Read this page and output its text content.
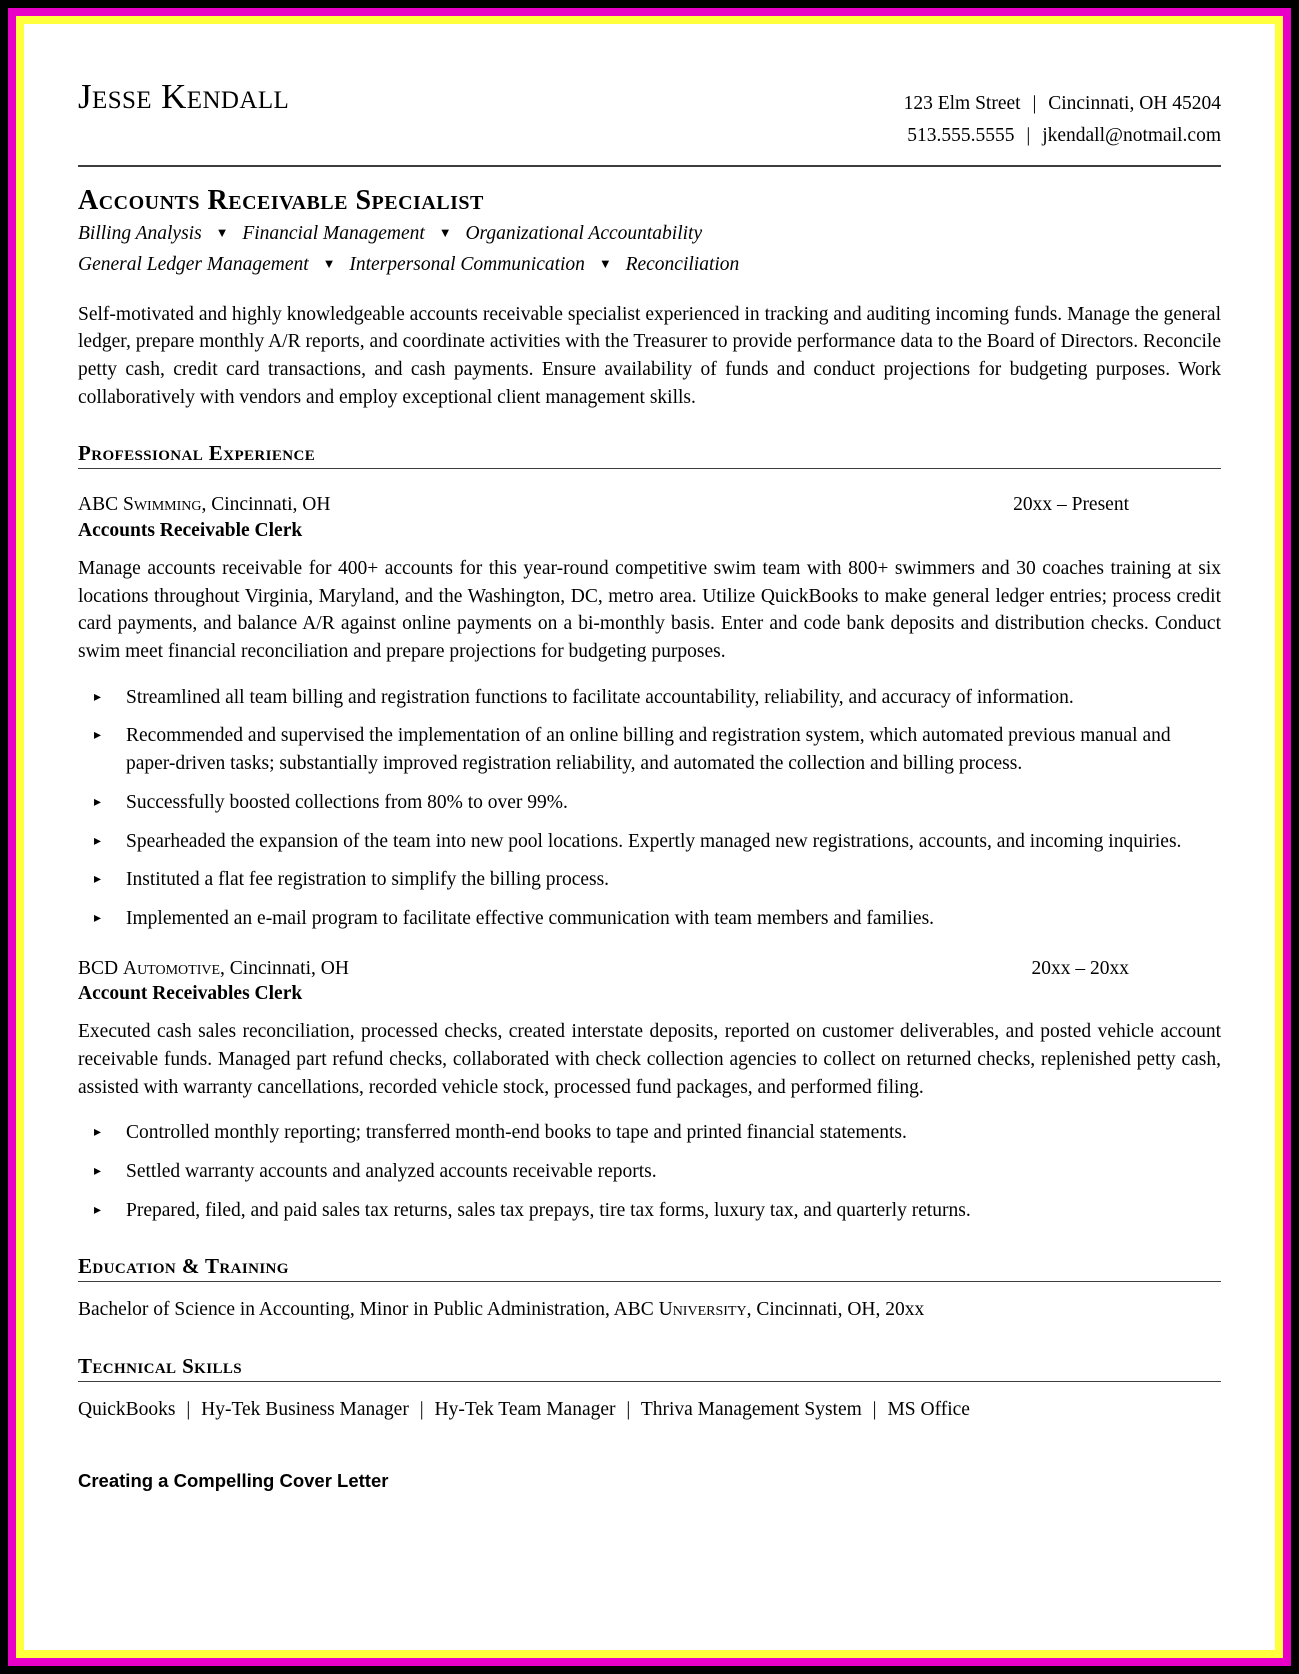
Jesse Kendall	123 Elm Street | Cincinnati, OH 45204
513.555.5555 | jkendall@notmail.com
Accounts Receivable Specialist
Billing Analysis ▼ Financial Management ▼ Organizational Accountability
General Ledger Management ▼ Interpersonal Communication ▼ Reconciliation
Self-motivated and highly knowledgeable accounts receivable specialist experienced in tracking and auditing incoming funds. Manage the general ledger, prepare monthly A/R reports, and coordinate activities with the Treasurer to provide performance data to the Board of Directors. Reconcile petty cash, credit card transactions, and cash payments. Ensure availability of funds and conduct projections for budgeting purposes. Work collaboratively with vendors and employ exceptional client management skills.
Professional Experience
ABC Swimming, Cincinnati, OH	20xx – Present
Accounts Receivable Clerk
Manage accounts receivable for 400+ accounts for this year-round competitive swim team with 800+ swimmers and 30 coaches training at six locations throughout Virginia, Maryland, and the Washington, DC, metro area. Utilize QuickBooks to make general ledger entries; process credit card payments, and balance A/R against online payments on a bi-monthly basis. Enter and code bank deposits and distribution checks. Conduct swim meet financial reconciliation and prepare projections for budgeting purposes.
▸	Streamlined all team billing and registration functions to facilitate accountability, reliability, and accuracy of information.
▸	Recommended and supervised the implementation of an online billing and registration system, which automated previous manual and paper-driven tasks; substantially improved registration reliability, and automated the collection and billing process.
▸	Successfully boosted collections from 80% to over 99%.
▸	Spearheaded the expansion of the team into new pool locations. Expertly managed new registrations, accounts, and incoming inquiries.
▸	Instituted a flat fee registration to simplify the billing process.
▸	Implemented an e-mail program to facilitate effective communication with team members and families.
BCD Automotive, Cincinnati, OH	20xx – 20xx
Account Receivables Clerk
Executed cash sales reconciliation, processed checks, created interstate deposits, reported on customer deliverables, and posted vehicle account receivable funds. Managed part refund checks, collaborated with check collection agencies to collect on returned checks, replenished petty cash, assisted with warranty cancellations, recorded vehicle stock, processed fund packages, and performed filing.
▸	Controlled monthly reporting; transferred month-end books to tape and printed financial statements.
▸	Settled warranty accounts and analyzed accounts receivable reports.
▸	Prepared, filed, and paid sales tax returns, sales tax prepays, tire tax forms, luxury tax, and quarterly returns.
Education & Training
Bachelor of Science in Accounting, Minor in Public Administration, ABC University, Cincinnati, OH, 20xx
Technical Skills
QuickBooks | Hy-Tek Business Manager | Hy-Tek Team Manager | Thriva Management System | MS Office
Creating a Compelling Cover Letter
